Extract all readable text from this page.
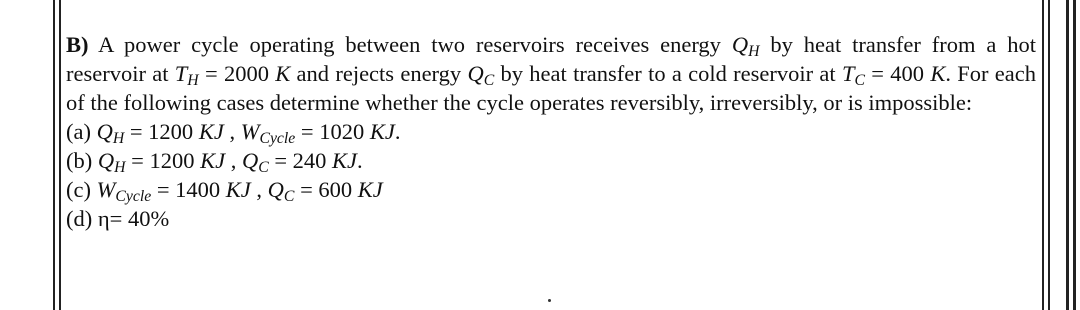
B) A power cycle operating between two reservoirs receives energy $Q_H$ by heat transfer from a hot reservoir at $T_H = 2000$ K and rejects energy $Q_C$ by heat transfer to a cold reservoir at $T_C = 400$ K. For each of the following cases determine whether the cycle operates reversibly, irreversibly, or is impossible:

(a) $Q_H = 1200$ KJ , $W_{Cycle} = 1020$ KJ.

(b) $Q_H = 1200$ KJ , $Q_C = 240$ KJ.

(c) $W_{Cycle} = 1400$ KJ , $Q_C = 600$ KJ

(d) η= 40%
